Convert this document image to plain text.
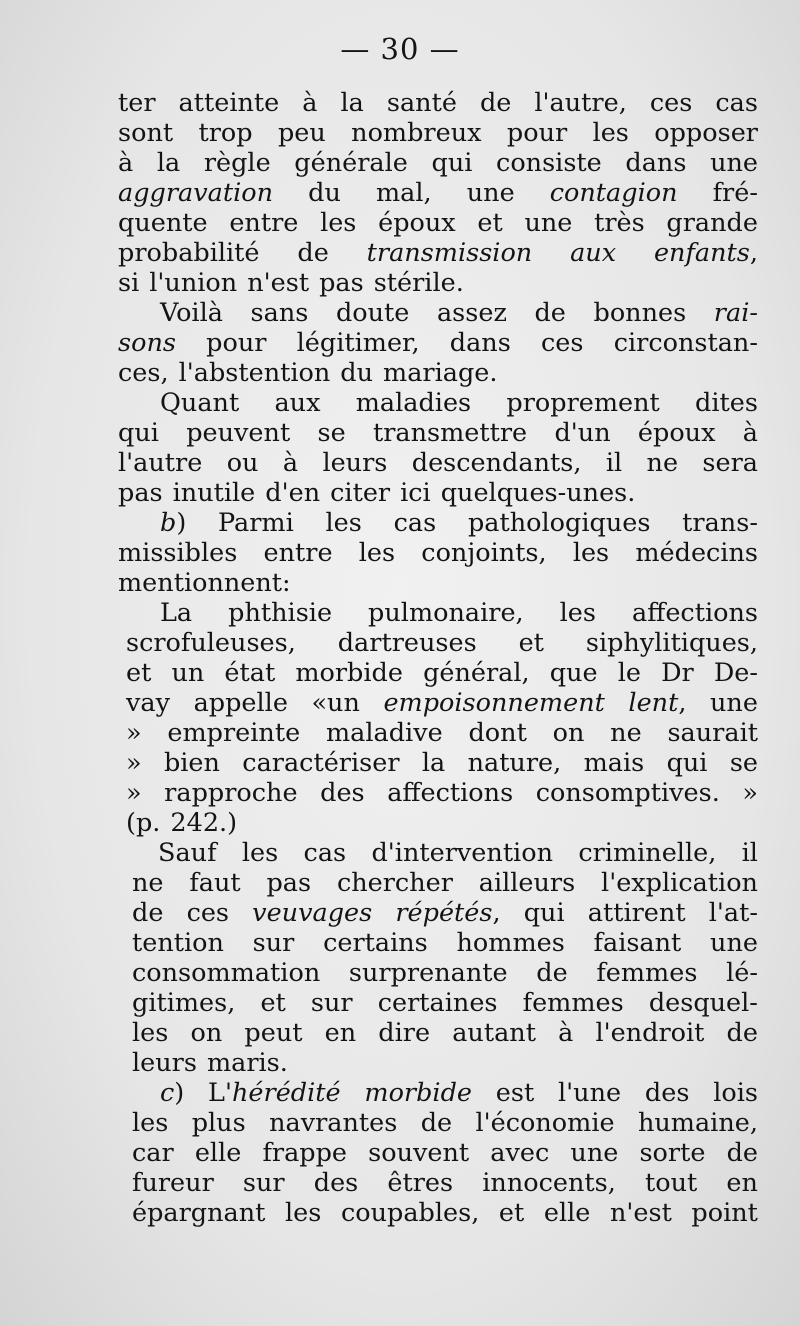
— 30 —
ter atteinte à la santé de l'autre, ces cas
sont trop peu nombreux pour les opposer
à la règle générale qui consiste dans une
aggravation du mal, une contagion fré-
quente entre les époux et une très grande
probabilité de transmission aux enfants,
si l'union n'est pas stérile.
Voilà sans doute assez de bonnes rai-
sons pour légitimer, dans ces circonstan-
ces, l'abstention du mariage.
Quant aux maladies proprement dites
qui peuvent se transmettre d'un époux à
l'autre ou à leurs descendants, il ne sera
pas inutile d'en citer ici quelques-unes.
b) Parmi les cas pathologiques trans-
missibles entre les conjoints, les médecins
mentionnent:
La phthisie pulmonaire, les affections
scrofuleuses, dartreuses et siphylitiques,
et un état morbide général, que le Dr De-
vay appelle «un empoisonnement lent, une
» empreinte maladive dont on ne saurait
» bien caractériser la nature, mais qui se
» rapproche des affections consomptives. »
(p. 242.)
Sauf les cas d'intervention criminelle, il
ne faut pas chercher ailleurs l'explication
de ces veuvages répétés, qui attirent l'at-
tention sur certains hommes faisant une
consommation surprenante de femmes lé-
gitimes, et sur certaines femmes desquel-
les on peut en dire autant à l'endroit de
leurs maris.
c) L'hérédité morbide est l'une des lois
les plus navrantes de l'économie humaine,
car elle frappe souvent avec une sorte de
fureur sur des êtres innocents, tout en
épargnant les coupables, et elle n'est point
